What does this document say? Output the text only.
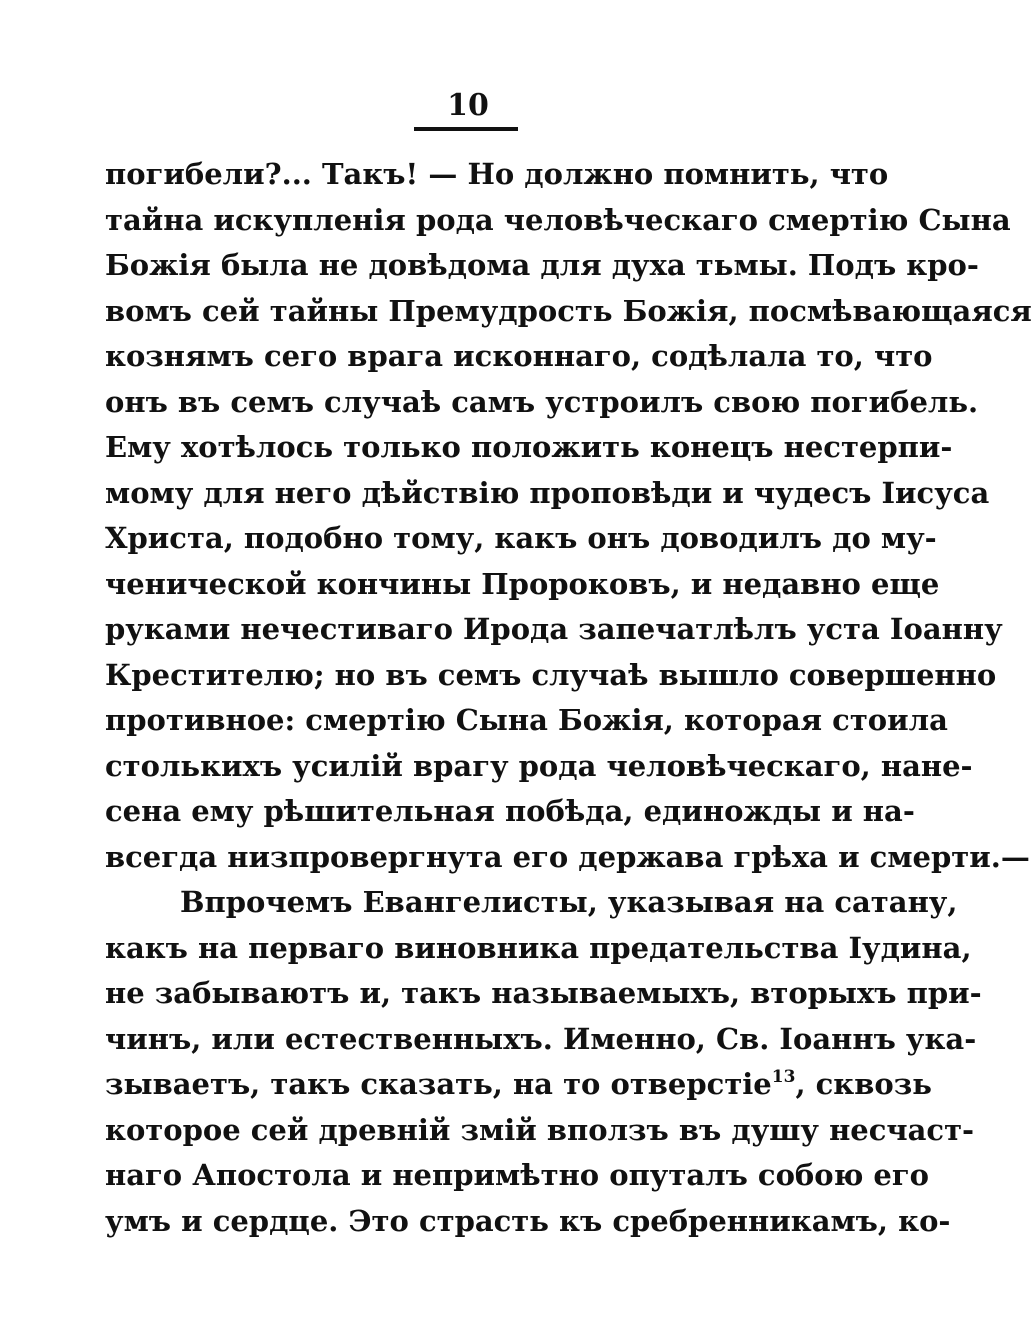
10
погибели?... Такъ! — Но должно помнить, что
тайна искупленія рода человѣческаго смертію Сына
Божія была не довѣдома для духа тьмы. Подъ кро-
вомъ сей тайны Премудрость Божія, посмѣвающаяся
кознямъ сего врага исконнаго, содѣлала то, что
онъ въ семъ случаѣ самъ устроилъ свою погибель.
Ему хотѣлось только положить конецъ нестерпи-
мому для него дѣйствію проповѣди и чудесъ Іисуса
Христа, подобно тому, какъ онъ доводилъ до му-
ченической кончины Пророковъ, и недавно еще
руками нечестиваго Ирода запечатлѣлъ уста Іоанну
Крестителю; но въ семъ случаѣ вышло совершенно
противное: смертію Сына Божія, которая стоила
столькихъ усилій врагу рода человѣческаго, нане-
сена ему рѣшительная побѣда, единожды и на-
всегда низпровергнута его держава грѣха и смерти.—
Впрочемъ Евангелисты, указывая на сатану,
какъ на перваго виновника предательства Іудина,
не забываютъ и, такъ называемыхъ, вторыхъ при-
чинъ, или естественныхъ. Именно, Св. Іоаннъ ука-
зываетъ, такъ сказать, на то отверстіе$^{13}$, сквозь
которое сей древній змій вползъ въ душу несчаст-
наго Апостола и непримѣтно опуталъ собою его
умъ и сердце. Это страсть къ сребренникамъ, ко-
